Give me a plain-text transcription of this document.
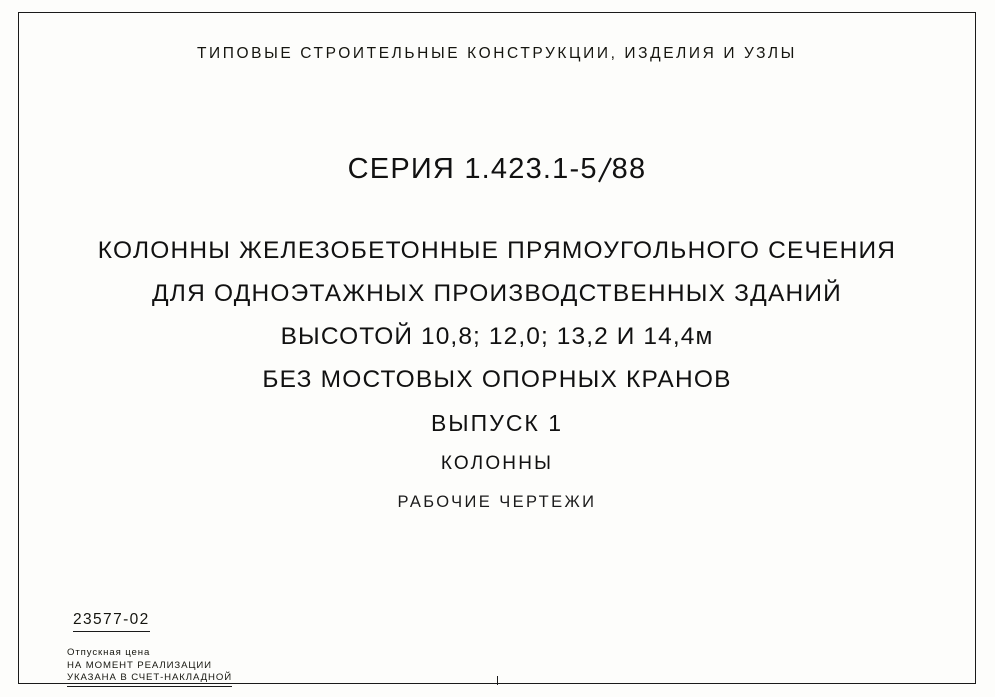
ТИПОВЫЕ СТРОИТЕЛЬНЫЕ КОНСТРУКЦИИ, ИЗДЕЛИЯ И УЗЛЫ
СЕРИЯ 1.423.1-5 88
КОЛОННЫ ЖЕЛЕЗОБЕТОННЫЕ ПРЯМОУГОЛЬНОГО СЕЧЕНИЯ
ДЛЯ ОДНОЭТАЖНЫХ ПРОИЗВОДСТВЕННЫХ ЗДАНИЙ
ВЫСОТОЙ 10,8; 12,0; 13,2 И 14,4м
БЕЗ МОСТОВЫХ ОПОРНЫХ КРАНОВ
ВЫПУСК 1
КОЛОННЫ
РАБОЧИЕ ЧЕРТЕЖИ
23577-02
Отпускная цена
НА МОМЕНТ РЕАЛИЗАЦИИ
УКАЗАНА В СЧЕТ-НАКЛАДНОЙ
